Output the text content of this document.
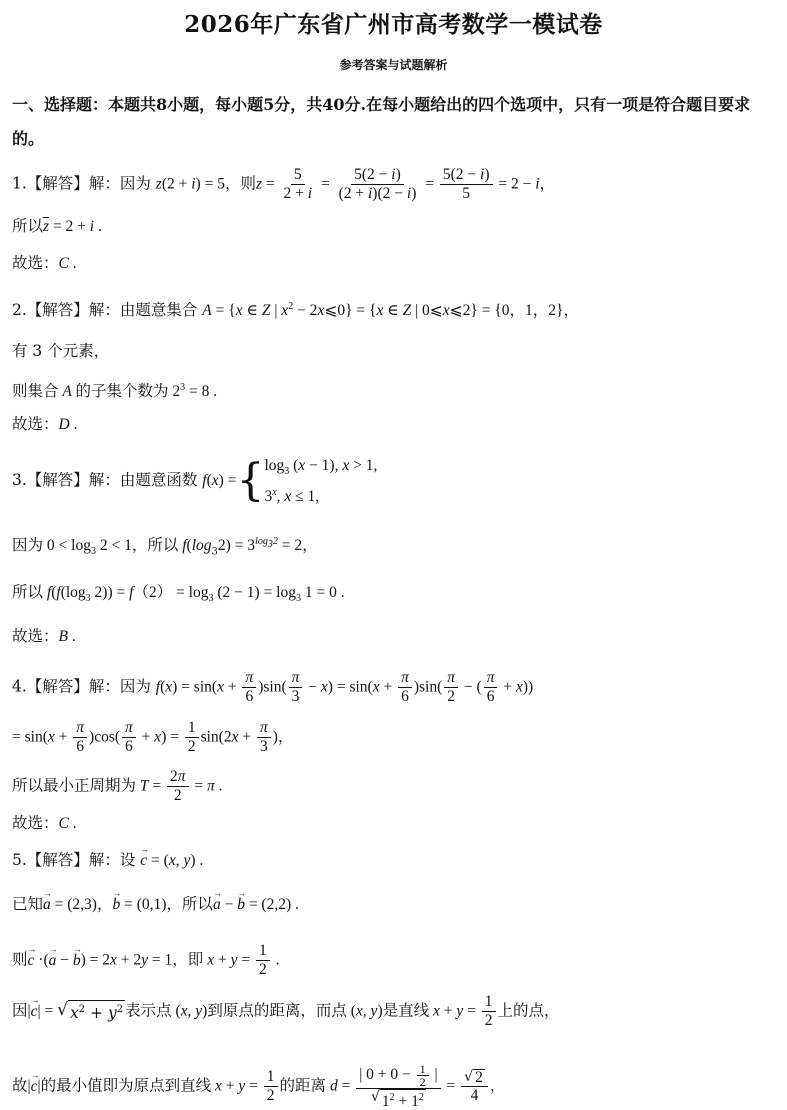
2026年广东省广州市高考数学一模试卷
参考答案与试题解析
一、选择题：本题共8小题，每小题5分，共40分.在每小题给出的四个选项中，只有一项是符合题目要求的。
1.【解答】解：因为 z(2 + i) = 5，则$z = \frac{5}{2 + i} = \frac{5(2 - i)}{(2 + i)(2 - i)} = \frac{5(2 - i)}{5} = 2 - i$，
所以$\overline{z} = 2 + i$ .
故选：C .
2.【解答】解：由题意集合 A = {x ∈ Z | $x^2$ − 2x⩽0} = {x ∈ Z | 0⩽x⩽2} = {0，1，2}，
有 3 个元素，
则集合 A 的子集个数为 $2^3 = 8$ .
故选：D .
3.【解答】解：由题意函数 f ( x ) = { $\log_3 (x - 1)$, x > 1,
3$^x$, x ≤ 1,
因为 $0 < \log_3 2 < 1$，所以 $f(\log_32) = 3^{log_32} = 2$，
所以 $f(f(\log_3$ $2)) = f(2) = \log_3 (2 - 1) = \log_3 1 = 0$ .
故选：B .
4.【解答】解：因为 $f(x) = \sin(x + \frac{\pi}{6} )\sin( \frac{\pi}{3} - x) = \sin(x + \frac{\pi}{6} )\sin( \frac{\pi}{2}$ − ( $\frac{\pi}{6} + x$))
= $\sin(x + \frac{\pi}{6} )\cos( \frac{\pi}{6} + x) = \frac{1}{2} \sin(2x + \frac{\pi}{3}$ )，
所以最小正周期为 $T = \frac{2\pi}{2} = \pi$ .
故选：C .
5.【解答】解：设 → c = (x, y) .
已知→ a = (2,3)，→ b = (0,1)，所以→ a − → b = (2,2) .
则→ c ·(→ a − → b) = 2x + 2y = 1，即 $x + y = \frac{1}{2}$ .
因|→ c| = √ $x^2 + y^2$ 表示点 (x, y)到原点的距离，而点 (x, y)是直线 $x + y = \frac{1}{2}$ 上的点，
故|→ c|的最小值即为原点到直线 $x + y = \frac{1}{2}$ 的距离 $d = \frac{| 0 + 0 - \frac{1}{2} |}{√ 1^2 + 1^2} = \frac{√ 2}{4}$ ，
